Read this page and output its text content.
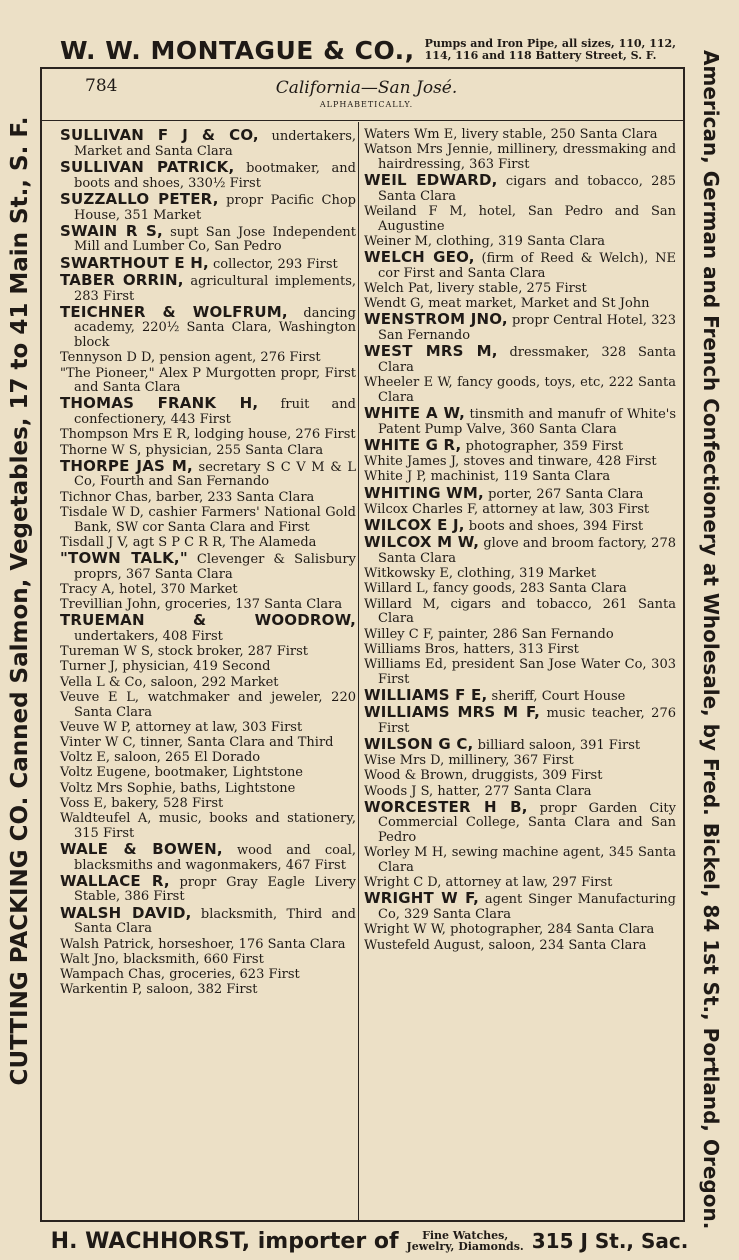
W. W. MONTAGUE & CO., Pumps and Iron Pipe, all sizes, 110, 112,
114, 116 and 118 Battery Street, S. F.
CUTTING PACKING CO. Canned Salmon, Vegetables, 17 to 41 Main St., S. F.	American, German and French Confectionery at Wholesale, by Fred. Bickel, 84 1st St., Portland, Oregon.
784	California—San José.
ALPHABETICALLY.
SULLIVAN F J & CO, undertakers, Market and Santa Clara
SULLIVAN PATRICK, bootmaker, and boots and shoes, 330½ First
SUZZALLO PETER, propr Pacific Chop House, 351 Market
SWAIN R S, supt San Jose Independent Mill and Lumber Co, San Pedro
SWARTHOUT E H, collector, 293 First
TABER ORRIN, agricultural implements, 283 First
TEICHNER & WOLFRUM, dancing academy, 220½ Santa Clara, Washington block
Tennyson D D, pension agent, 276 First
"The Pioneer," Alex P Murgotten propr, First and Santa Clara
THOMAS FRANK H, fruit and confectionery, 443 First
Thompson Mrs E R, lodging house, 276 First
Thorne W S, physician, 255 Santa Clara
THORPE JAS M, secretary S C V M & L Co, Fourth and San Fernando
Tichnor Chas, barber, 233 Santa Clara
Tisdale W D, cashier Farmers' National Gold Bank, SW cor Santa Clara and First
Tisdall J V, agt S P C R R, The Alameda
"TOWN TALK," Clevenger & Salisbury proprs, 367 Santa Clara
Tracy A, hotel, 370 Market
Trevillian John, groceries, 137 Santa Clara
TRUEMAN & WOODROW, undertakers, 408 First
Tureman W S, stock broker, 287 First
Turner J, physician, 419 Second
Vella L & Co, saloon, 292 Market
Veuve E L, watchmaker and jeweler, 220 Santa Clara
Veuve W P, attorney at law, 303 First
Vinter W C, tinner, Santa Clara and Third
Voltz E, saloon, 265 El Dorado
Voltz Eugene, bootmaker, Lightstone
Voltz Mrs Sophie, baths, Lightstone
Voss E, bakery, 528 First
Waldteufel A, music, books and stationery, 315 First
WALE & BOWEN, wood and coal, blacksmiths and wagonmakers, 467 First
WALLACE R, propr Gray Eagle Livery Stable, 386 First
WALSH DAVID, blacksmith, Third and Santa Clara
Walsh Patrick, horseshoer, 176 Santa Clara
Walt Jno, blacksmith, 660 First
Wampach Chas, groceries, 623 First
Warkentin P, saloon, 382 First
Waters Wm E, livery stable, 250 Santa Clara
Watson Mrs Jennie, millinery, dressmaking and hairdressing, 363 First
WEIL EDWARD, cigars and tobacco, 285 Santa Clara
Weiland F M, hotel, San Pedro and San Augustine
Weiner M, clothing, 319 Santa Clara
WELCH GEO, (firm of Reed & Welch), NE cor First and Santa Clara
Welch Pat, livery stable, 275 First
Wendt G, meat market, Market and St John
WENSTROM JNO, propr Central Hotel, 323 San Fernando
WEST MRS M, dressmaker, 328 Santa Clara
Wheeler E W, fancy goods, toys, etc, 222 Santa Clara
WHITE A W, tinsmith and manufr of White's Patent Pump Valve, 360 Santa Clara
WHITE G R, photographer, 359 First
White James J, stoves and tinware, 428 First
White J P, machinist, 119 Santa Clara
WHITING WM, porter, 267 Santa Clara
Wilcox Charles F, attorney at law, 303 First
WILCOX E J, boots and shoes, 394 First
WILCOX M W, glove and broom factory, 278 Santa Clara
Witkowsky E, clothing, 319 Market
Willard L, fancy goods, 283 Santa Clara
Willard M, cigars and tobacco, 261 Santa Clara
Willey C F, painter, 286 San Fernando
Williams Bros, hatters, 313 First
Williams Ed, president San Jose Water Co, 303 First
WILLIAMS F E, sheriff, Court House
WILLIAMS MRS M F, music teacher, 276 First
WILSON G C, billiard saloon, 391 First
Wise Mrs D, millinery, 367 First
Wood & Brown, druggists, 309 First
Woods J S, hatter, 277 Santa Clara
WORCESTER H B, propr Garden City Commercial College, Santa Clara and San Pedro
Worley M H, sewing machine agent, 345 Santa Clara
Wright C D, attorney at law, 297 First
WRIGHT W F, agent Singer Manufacturing Co, 329 Santa Clara
Wright W W, photographer, 284 Santa Clara
Wustefeld August, saloon, 234 Santa Clara
H. WACHHORST, importer of	Fine Watches,
Jewelry, Diamonds. 315 J St., Sac.
